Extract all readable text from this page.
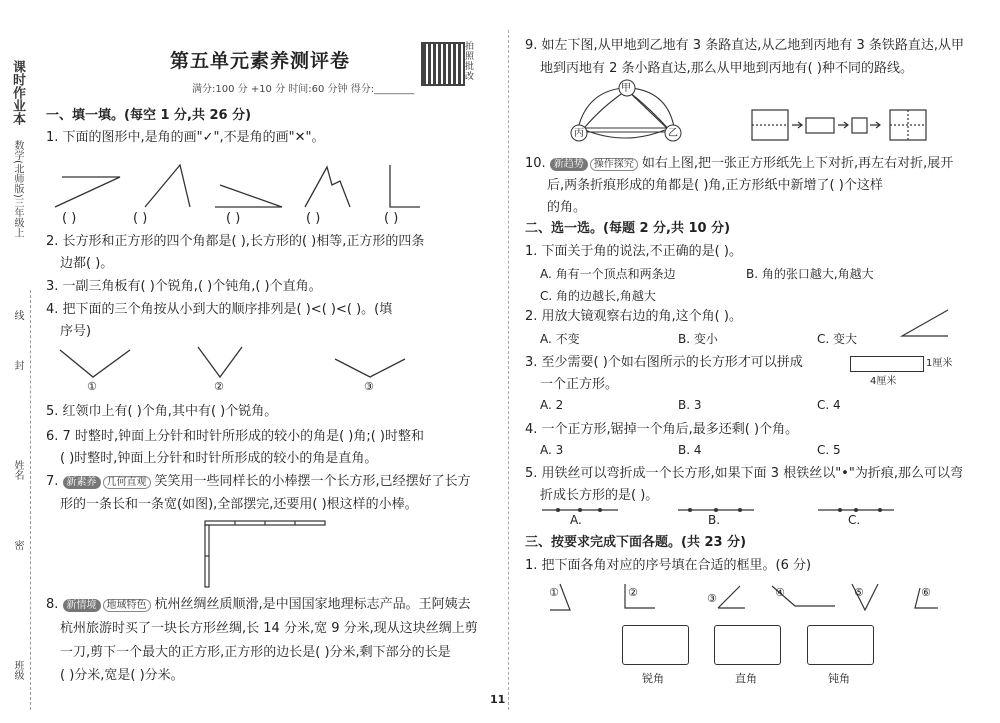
课时作业本
数学(北师版)三年级上
线
封
姓名
密
班级
第五单元素养测评卷
满分:100 分 +10 分 时间:60 分钟 得分:________
拍照批改
一、填一填。(每空 1 分,共 26 分)
1. 下面的图形中,是角的画"✓",不是角的画"✕"。
( )	( )	( )	( )	( )
2. 长方形和正方形的四个角都是( ),长方形的( )相等,正方形的四条
边都( )。
3. 一副三角板有( )个锐角,( )个钝角,( )个直角。
4. 把下面的三个角按从小到大的顺序排列是( )<( )<( )。(填
序号)
①	②	③
5. 红领巾上有( )个角,其中有( )个锐角。
6. 7 时整时,钟面上分针和时针所形成的较小的角是( )角;( )时整和
( )时整时,钟面上分针和时针所形成的较小的角是直角。
7. 新素养 几何直观 笑笑用一些同样长的小棒摆一个长方形,已经摆好了长方
形的一条长和一条宽(如图),全部摆完,还要用( )根这样的小棒。
8. 新情境 地域特色 杭州丝绸丝质顺滑,是中国国家地理标志产品。王阿姨去
杭州旅游时买了一块长方形丝绸,长 14 分米,宽 9 分米,现从这块丝绸上剪
一刀,剪下一个最大的正方形,正方形的边长是( )分米,剩下部分的长是
( )分米,宽是( )分米。
9. 如左下图,从甲地到乙地有 3 条路直达,从乙地到丙地有 3 条铁路直达,从甲
地到丙地有 2 条小路直达,那么从甲地到丙地有( )种不同的路线。
甲
乙
丙
10. 新趋势 操作探究 如右上图,把一张正方形纸先上下对折,再左右对折,展开
后,两条折痕形成的角都是( )角,正方形纸中新增了( )个这样
的角。
二、选一选。(每题 2 分,共 10 分)
1. 下面关于角的说法,不正确的是( )。
A. 角有一个顶点和两条边	B. 角的张口越大,角越大
C. 角的边越长,角越大
2. 用放大镜观察右边的角,这个角( )。
A. 不变	B. 变小	C. 变大
3. 至少需要( )个如右图所示的长方形才可以拼成
一个正方形。
1厘米
4厘米
A. 2	B. 3	C. 4
4. 一个正方形,锯掉一个角后,最多还剩( )个角。
A. 3	B. 4	C. 5
5. 用铁丝可以弯折成一个长方形,如果下面 3 根铁丝以"•"为折痕,那么可以弯
折成长方形的是( )。
A.	B.	C.
三、按要求完成下面各题。(共 23 分)
1. 把下面各角对应的序号填在合适的框里。(6 分)
①	②	③	④	⑤	⑥
锐角	直角	钝角
11
